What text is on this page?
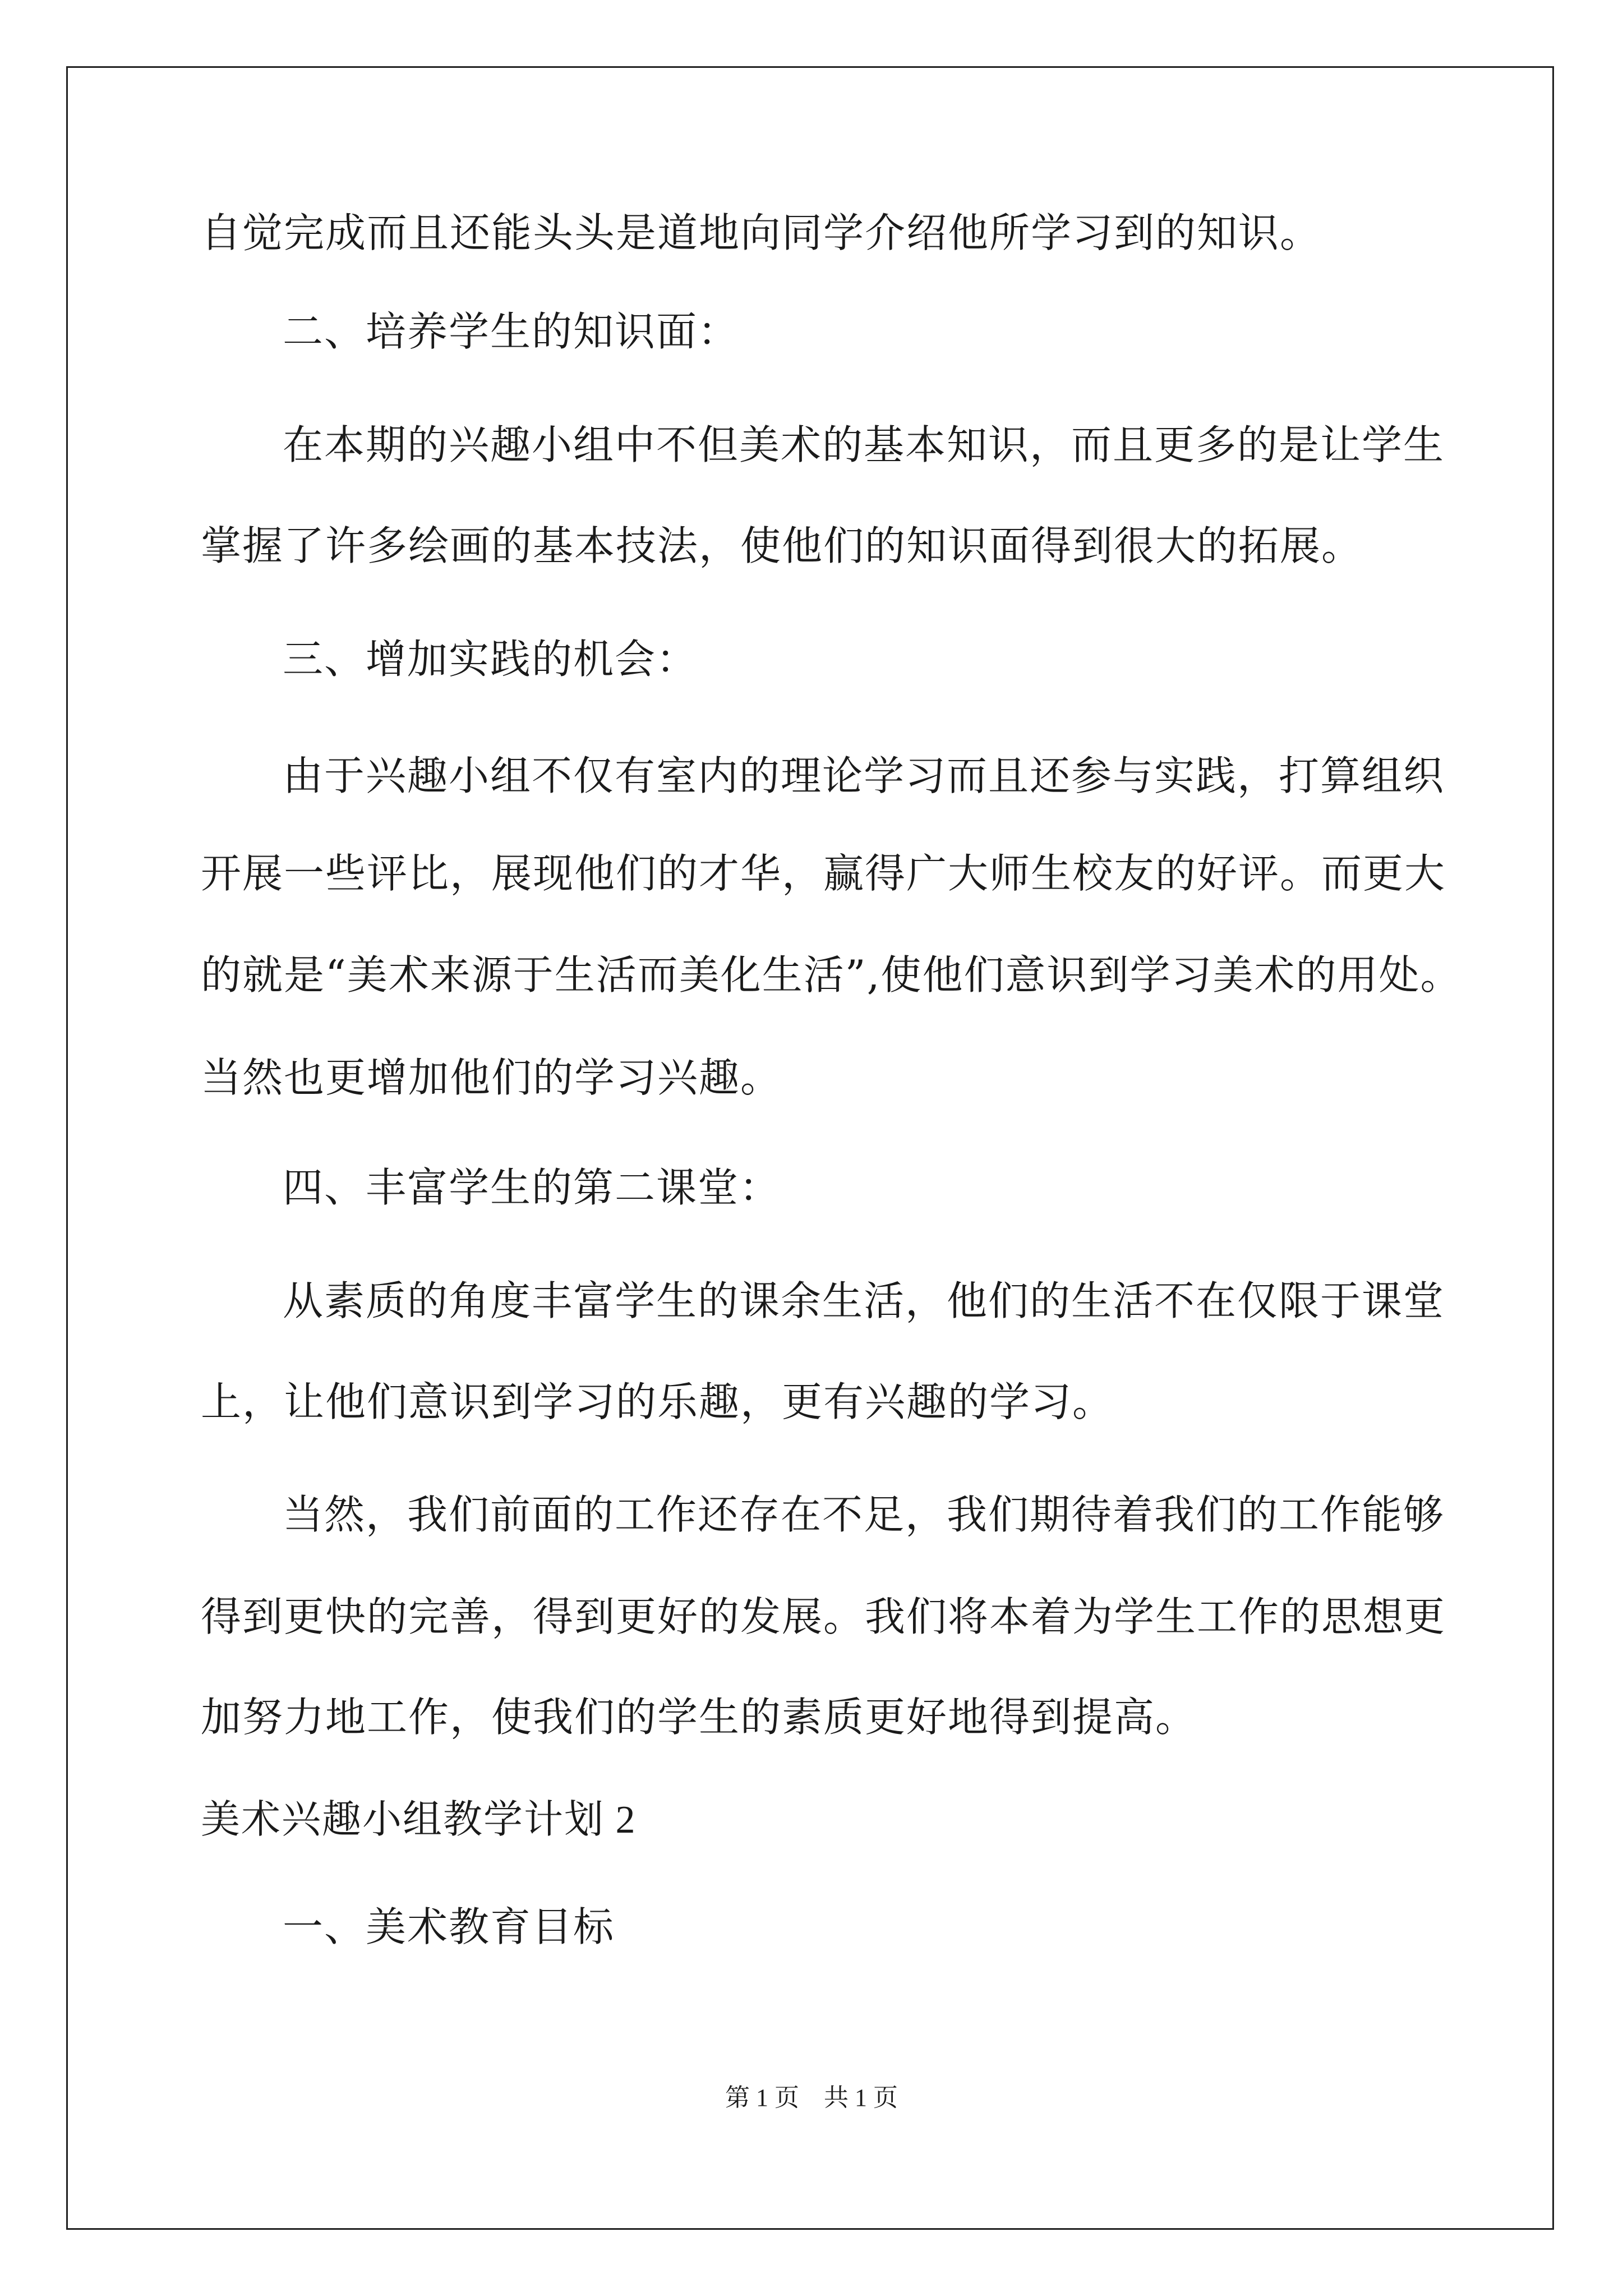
自觉完成而且还能头头是道地向同学介绍他所学习到的知识。
二、培养学生的知识面：
在本期的兴趣小组中不但美术的基本知识，而且更多的是让学生
掌握了许多绘画的基本技法，使他们的知识面得到很大的拓展。
三、增加实践的机会：
由于兴趣小组不仅有室内的理论学习而且还参与实践，打算组织
开展一些评比，展现他们的才华，赢得广大师生校友的好评。而更大
的就是“美术来源于生活而美化生活”,使他们意识到学习美术的用处。
当然也更增加他们的学习兴趣。
四、丰富学生的第二课堂：
从素质的角度丰富学生的课余生活，他们的生活不在仅限于课堂
上，让他们意识到学习的乐趣，更有兴趣的学习。
当然，我们前面的工作还存在不足，我们期待着我们的工作能够
得到更快的完善，得到更好的发展。我们将本着为学生工作的思想更
加努力地工作，使我们的学生的素质更好地得到提高。
美术兴趣小组教学计划 2
一、美术教育目标
第 1 页 共 1 页
